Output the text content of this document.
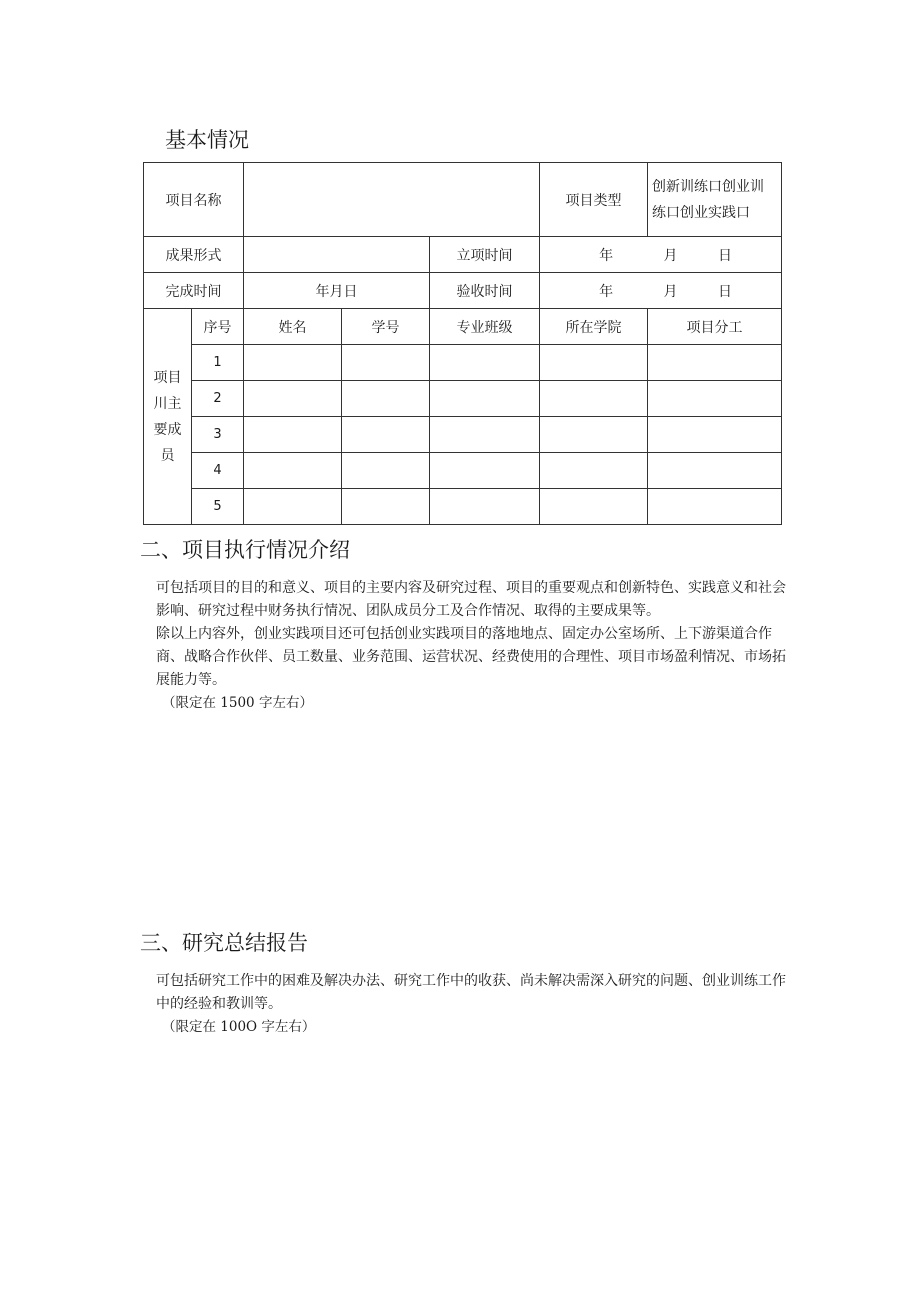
基本情况
项目名称					项目类型	创新训练口创业训
练口创业实践口

成果形式				立项时间	年 月 日	
完成时间		年月日		验收时间	年 月 日	

项目
川主
要成
员	序号	姓名	学号	专业班级	所在学院	项目分工
	1					
	2					
	3					
	4					
	5					
二、项目执行情况介绍

可包括项目的目的和意义、项目的主要内容及研究过程、项目的重要观点和创新特色、实践意义和社会影响、研究过程中财务执行情况、团队成员分工及合作情况、取得的主要成果等。

除以上内容外，创业实践项目还可包括创业实践项目的落地地点、固定办公室场所、上下游渠道合作商、战略合作伙伴、员工数量、业务范围、运营状况、经费使用的合理性、项目市场盈利情况、市场拓展能力等。

（限定在 1500 字左右）

三、研究总结报告

可包括研究工作中的困难及解决办法、研究工作中的收获、尚未解决需深入研究的问题、创业训练工作中的经验和教训等。

（限定在 100O 字左右）
